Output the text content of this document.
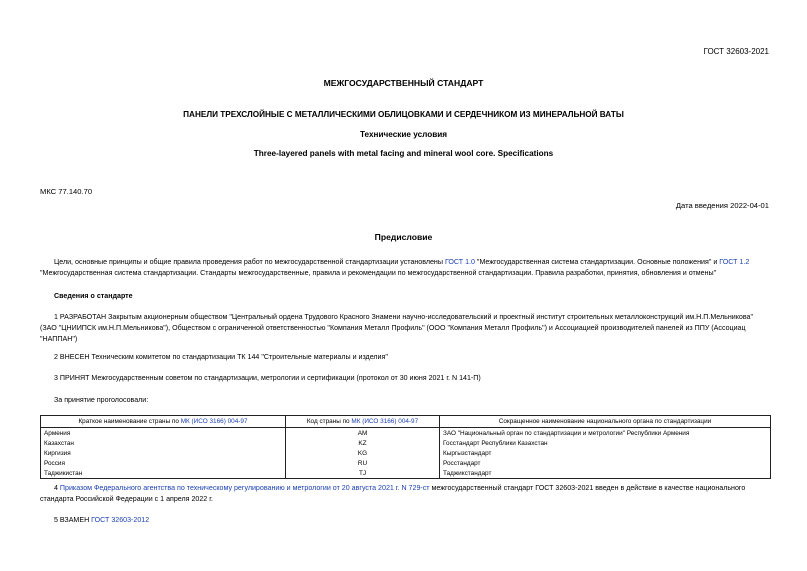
ГОСТ 32603-2021
МЕЖГОСУДАРСТВЕННЫЙ СТАНДАРТ
ПАНЕЛИ ТРЕХСЛОЙНЫЕ С МЕТАЛЛИЧЕСКИМИ ОБЛИЦОВКАМИ И СЕРДЕЧНИКОМ ИЗ МИНЕРАЛЬНОЙ ВАТЫ
Технические условия
Three-layered panels with metal facing and mineral wool core. Specifications
МКС 77.140.70
Дата введения 2022-04-01
Предисловие
Цели, основные принципы и общие правила проведения работ по межгосударственной стандартизации установлены ГОСТ 1.0 "Межгосударственная система стандартизации. Основные положения" и ГОСТ 1.2 "Межгосударственная система стандартизации. Стандарты межгосударственные, правила и рекомендации по межгосударственной стандартизации. Правила разработки, принятия, обновления и отмены"
Сведения о стандарте
1 РАЗРАБОТАН Закрытым акционерным обществом "Центральный ордена Трудового Красного Знамени научно-исследовательский и проектный институт строительных металлоконструкций им.Н.П.Мельникова" (ЗАО "ЦНИИПСК им.Н.П.Мельникова"), Обществом с ограниченной ответственностью "Компания Металл Профиль" (ООО "Компания Металл Профиль") и Ассоциацией производителей панелей из ППУ (Ассоциац "НАППАН")
2 ВНЕСЕН Техническим комитетом по стандартизации ТК 144 "Строительные материалы и изделия"
3 ПРИНЯТ Межгосударственным советом по стандартизации, метрологии и сертификации (протокол от 30 июня 2021 г. N 141-П)
За принятие проголосовали:
Краткое наименование страны по МК (ИСО 3166) 004-97	Код страны по МК (ИСО 3166) 004-97	Сокращенное наименование национального органа по стандартизации
Армения	AM	ЗАО "Национальный орган по стандартизации и метрологии" Республики Армения
Казахстан	KZ	Госстандарт Республики Казахстан
Киргизия	KG	Кыргызстандарт
Россия	RU	Росстандарт
Таджикистан	TJ	Таджикстандарт
4 Приказом Федерального агентства по техническому регулированию и метрологии от 20 августа 2021 г. N 729-ст межгосударственный стандарт ГОСТ 32603-2021 введен в действие в качестве национального стандарта Российской Федерации с 1 апреля 2022 г.
5 ВЗАМЕН ГОСТ 32603-2012
